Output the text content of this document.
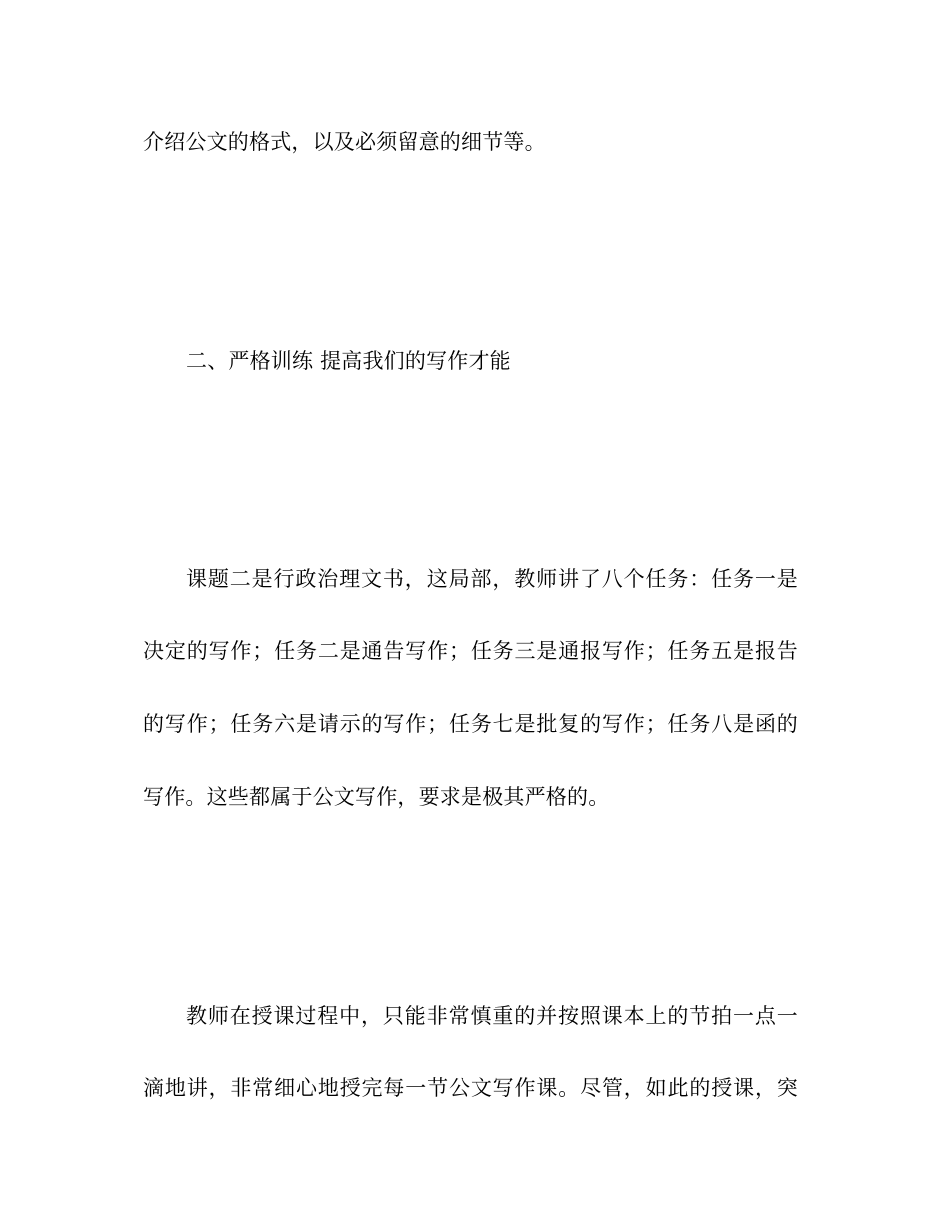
介绍公文的格式，以及必须留意的细节等。
二、严格训练 提高我们的写作才能
课题二是行政治理文书，这局部，教师讲了八个任务：任务一是
决定的写作；任务二是通告写作；任务三是通报写作；任务五是报告
的写作；任务六是请示的写作；任务七是批复的写作；任务八是函的
写作。这些都属于公文写作，要求是极其严格的。
教师在授课过程中，只能非常慎重的并按照课本上的节拍一点一
滴地讲，非常细心地授完每一节公文写作课。尽管，如此的授课，突
